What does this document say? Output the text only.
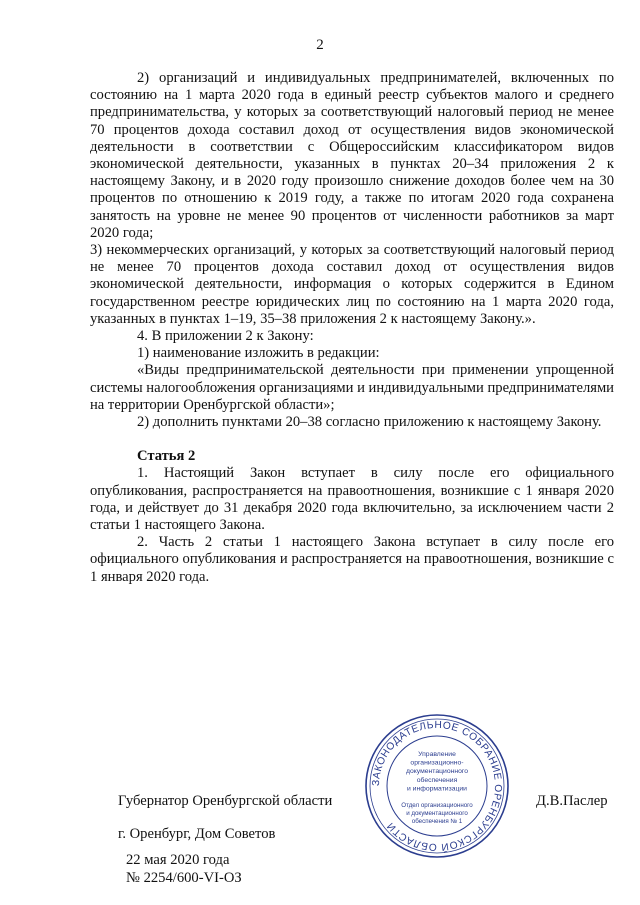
2

2) организаций и индивидуальных предпринимателей, включенных по состоянию на 1 марта 2020 года в единый реестр субъектов малого и среднего предпринимательства, у которых за соответствующий налоговый период не менее 70 процентов дохода составил доход от осуществления видов экономической деятельности в соответствии с Общероссийским классификатором видов экономической деятельности, указанных в пунктах 20–34 приложения 2 к настоящему Закону, и в 2020 году произошло снижение доходов более чем на 30 процентов по отношению к 2019 году, а также по итогам 2020 года сохранена занятость на уровне не менее 90 процентов от численности работников за март 2020 года;

3) некоммерческих организаций, у которых за соответствующий налоговый период не менее 70 процентов дохода составил доход от осуществления видов экономической деятельности, информация о которых содержится в Едином государственном реестре юридических лиц по состоянию на 1 марта 2020 года, указанных в пунктах 1–19, 35–38 приложения 2 к настоящему Закону.».

4. В приложении 2 к Закону:

1) наименование изложить в редакции:

«Виды предпринимательской деятельности при применении упрощенной системы налогообложения организациями и индивидуальными предпринимателями на территории Оренбургской области»;

2) дополнить пунктами 20–38 согласно приложению к настоящему Закону.

Статья 2

1. Настоящий Закон вступает в силу после его официального опубликования, распространяется на правоотношения, возникшие с 1 января 2020 года, и действует до 31 декабря 2020 года включительно, за исключением части 2 статьи 1 настоящего Закона.

2. Часть 2 статьи 1 настоящего Закона вступает в силу после его официального опубликования и распространяется на правоотношения, возникшие с 1 января 2020 года.

Губернатор Оренбургской области	Д.В.Паслер
г. Оренбург, Дом Советов
22 мая 2020 года
№ 2254/600-VI-ОЗ
ЗАКОНОДАТЕЛЬНОЕ СОБРАНИЕ ОРЕНБУРГСКОЙ ОБЛАСТИ
Управление
организационно-
документационного
обеспечения
и информатизации
Отдел организационного
и документационного
обеспечения № 1
